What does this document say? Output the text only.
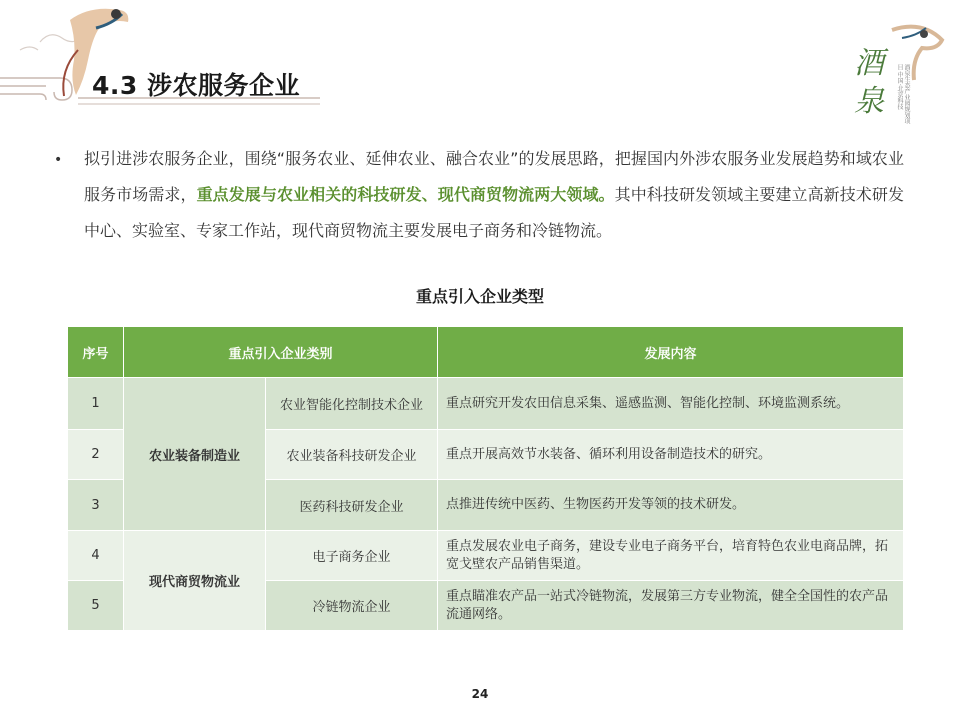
4.3 涉农服务企业
酒
泉	酒泉生态产业园规划项目 中国·北京科技
• 拟引进涉农服务企业，围绕“服务农业、延伸农业、融合农业”的发展思路，把握国内外涉农服务业发展趋势和域农业服务市场需求，重点发展与农业相关的科技研发、现代商贸物流两大领域。其中科技研发领域主要建立高新技术研发中心、实验室、专家工作站，现代商贸物流主要发展电子商务和冷链物流。
重点引入企业类型
序号	重点引入企业类别		发展内容
1	农业装备制造业	农业智能化控制技术企业	重点研究开发农田信息采集、遥感监测、智能化控制、环境监测系统。
2		农业装备科技研发企业	重点开展高效节水装备、循环利用设备制造技术的研究。
3		医药科技研发企业	点推进传统中医药、生物医药开发等领的技术研发。
4	现代商贸物流业	电子商务企业	重点发展农业电子商务，建设专业电子商务平台，培育特色农业电商品牌，拓宽戈壁农产品销售渠道。
5		冷链物流企业	重点瞄准农产品一站式冷链物流，发展第三方专业物流，健全全国性的农产品流通网络。
24
